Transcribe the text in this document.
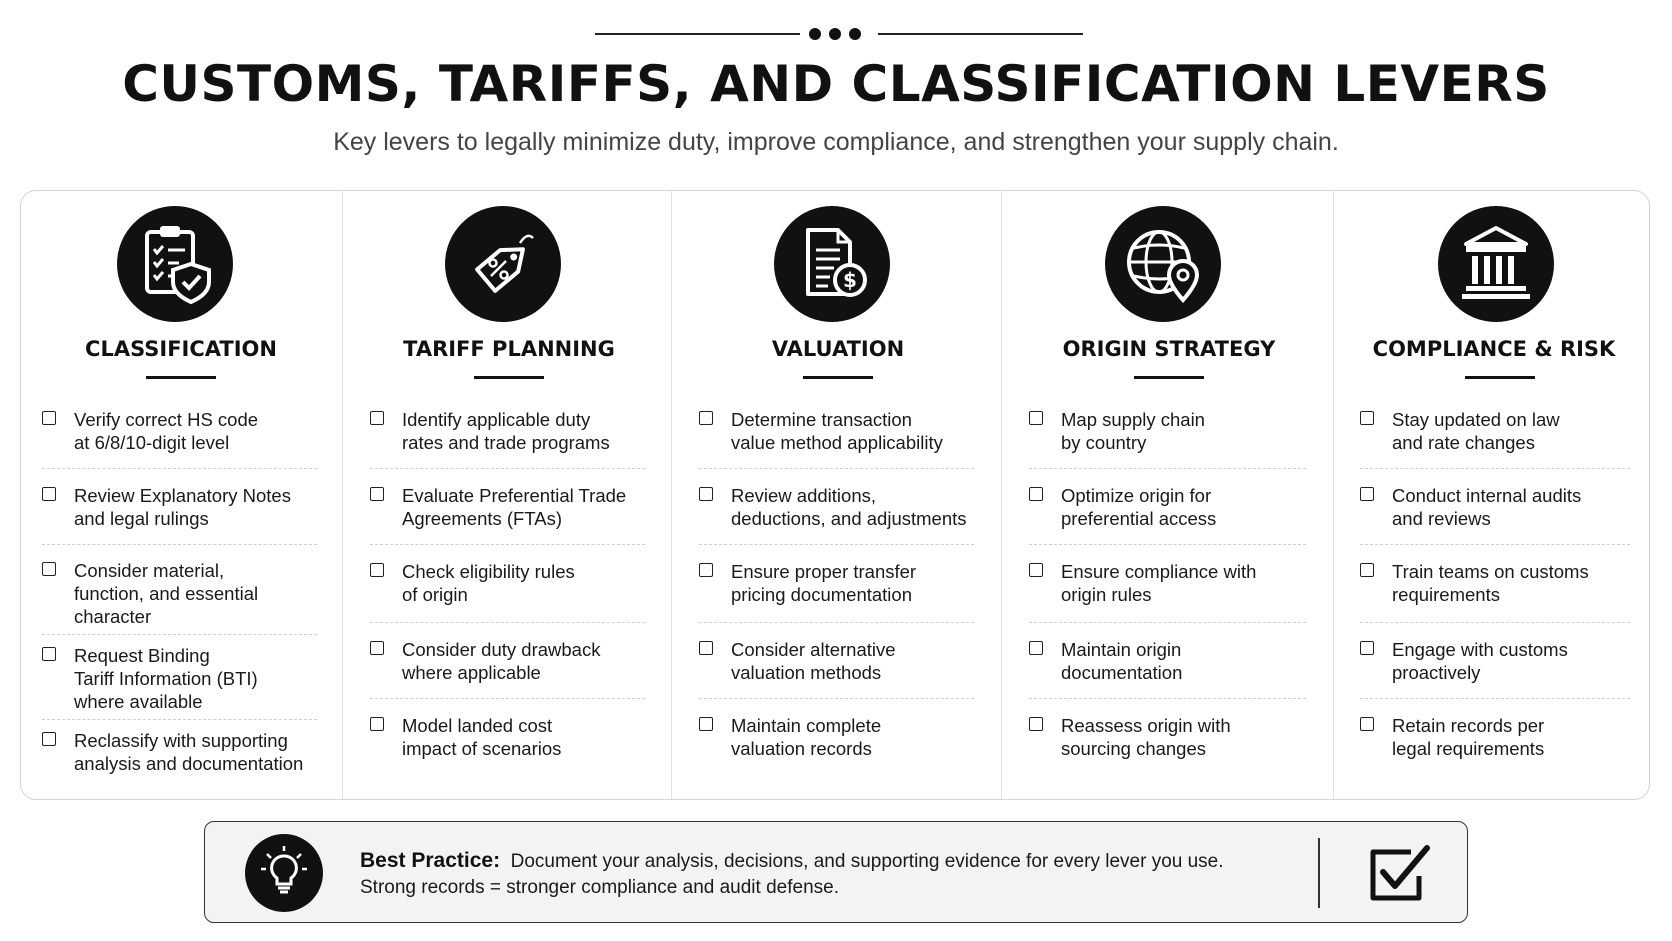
CUSTOMS, TARIFFS, AND CLASSIFICATION LEVERS
Key levers to legally minimize duty, improve compliance, and strengthen your supply chain.
CLASSIFICATION
Verify correct HS code
at 6/8/10-digit level
Review Explanatory Notes
and legal rulings
Consider material,
function, and essential
character
Request Binding
Tariff Information (BTI)
where available
Reclassify with supporting
analysis and documentation
TARIFF PLANNING
Identify applicable duty
rates and trade programs
Evaluate Preferential Trade
Agreements (FTAs)
Check eligibility rules
of origin
Consider duty drawback
where applicable
Model landed cost
impact of scenarios
$
VALUATION
Determine transaction
value method applicability
Review additions,
deductions, and adjustments
Ensure proper transfer
pricing documentation
Consider alternative
valuation methods
Maintain complete
valuation records
ORIGIN STRATEGY
Map supply chain
by country
Optimize origin for
preferential access
Ensure compliance with
origin rules
Maintain origin
documentation
Reassess origin with
sourcing changes
COMPLIANCE & RISK
Stay updated on law
and rate changes
Conduct internal audits
and reviews
Train teams on customs
requirements
Engage with customs
proactively
Retain records per
legal requirements
Best Practice: Document your analysis, decisions, and supporting evidence for every lever you use.
Strong records = stronger compliance and audit defense.
